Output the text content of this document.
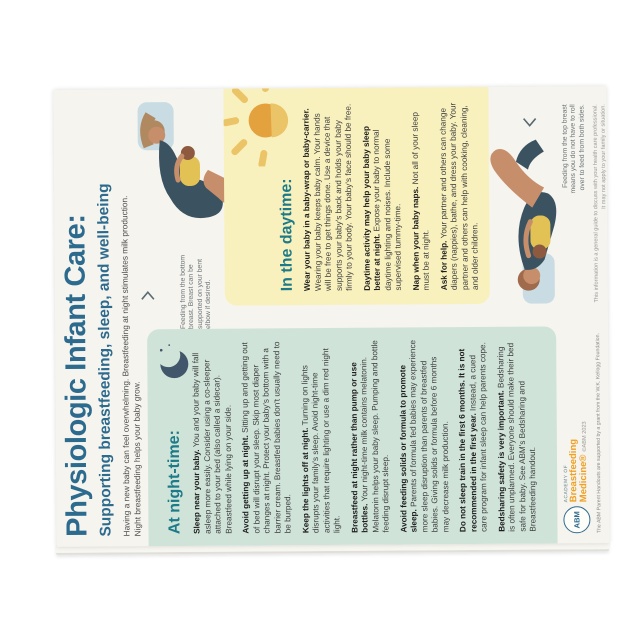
Physiologic Infant Care: Supporting breastfeeding, sleep, and well-being Having a new baby can feel overwhelming. Breastfeeding at night stimulates milk production. Night breastfeeding helps your baby grow.
Feeding from the bottom breast. Breast can be supported on your bent elbow if desired.
At night-time: Sleep near your baby. You and your baby will fall asleep more easily. Consider using a co-sleeper attached to your bed (also called a sidecar). Breastfeed while lying on your side. Avoid getting up at night. Sitting up and getting out of bed will disrupt your sleep. Skip most diaper changes at night. Protect your baby's bottom with a barrier cream. Breastfed babies don't usually need to be burped. Keep the lights off at night. Turning on lights disrupts your family's sleep. Avoid night-time activities that require lighting or use a dim red night light. Breastfeed at night rather than pump or use bottles. Your night-time milk contains melatonin. Melatonin helps your baby sleep. Pumping and bottle feeding disrupt sleep. Avoid feeding solids or formula to promote sleep. Parents of formula fed babies may experience more sleep disruption than parents of breastfed babies. Giving solids or formula before 6 months may decrease milk production. Do not sleep train in the first 6 months. It is not recommended in the first year. Instead, a cued care program for infant sleep can help parents cope. Bedsharing safety is very important. Bedsharing is often unplanned. Everyone should make their bed safe for baby. See ABM's Bedsharing and Breastfeeding handout.

In the daytime: Wear your baby in a baby-wrap or baby-carrier. Wearing your baby keeps baby calm. Your hands will be free to get things done. Use a device that supports your baby's back and holds your baby firmly to your body. Your baby's face should be free. Daytime activity may help your baby sleep better at night. Expose your baby to normal daytime lighting and noises. Include some supervised tummy-time. Nap when your baby naps. Not all of your sleep must be at night. Ask for help. Your partner and others can change diapers (nappies), bathe, and dress your baby. Your partner and others can help with cooking, cleaning, and older children.

ABM
ACADEMY OF
Breastfeeding
Medicine®©ABM 2023 The ABM Parent Handouts are supported by a grant from the W.K. Kellogg Foundation.
Feeding from the top breast means you do not have to roll over to feed from both sides. This information is a general guide to discuss with your health care professional. It may not apply to your family or situation.
